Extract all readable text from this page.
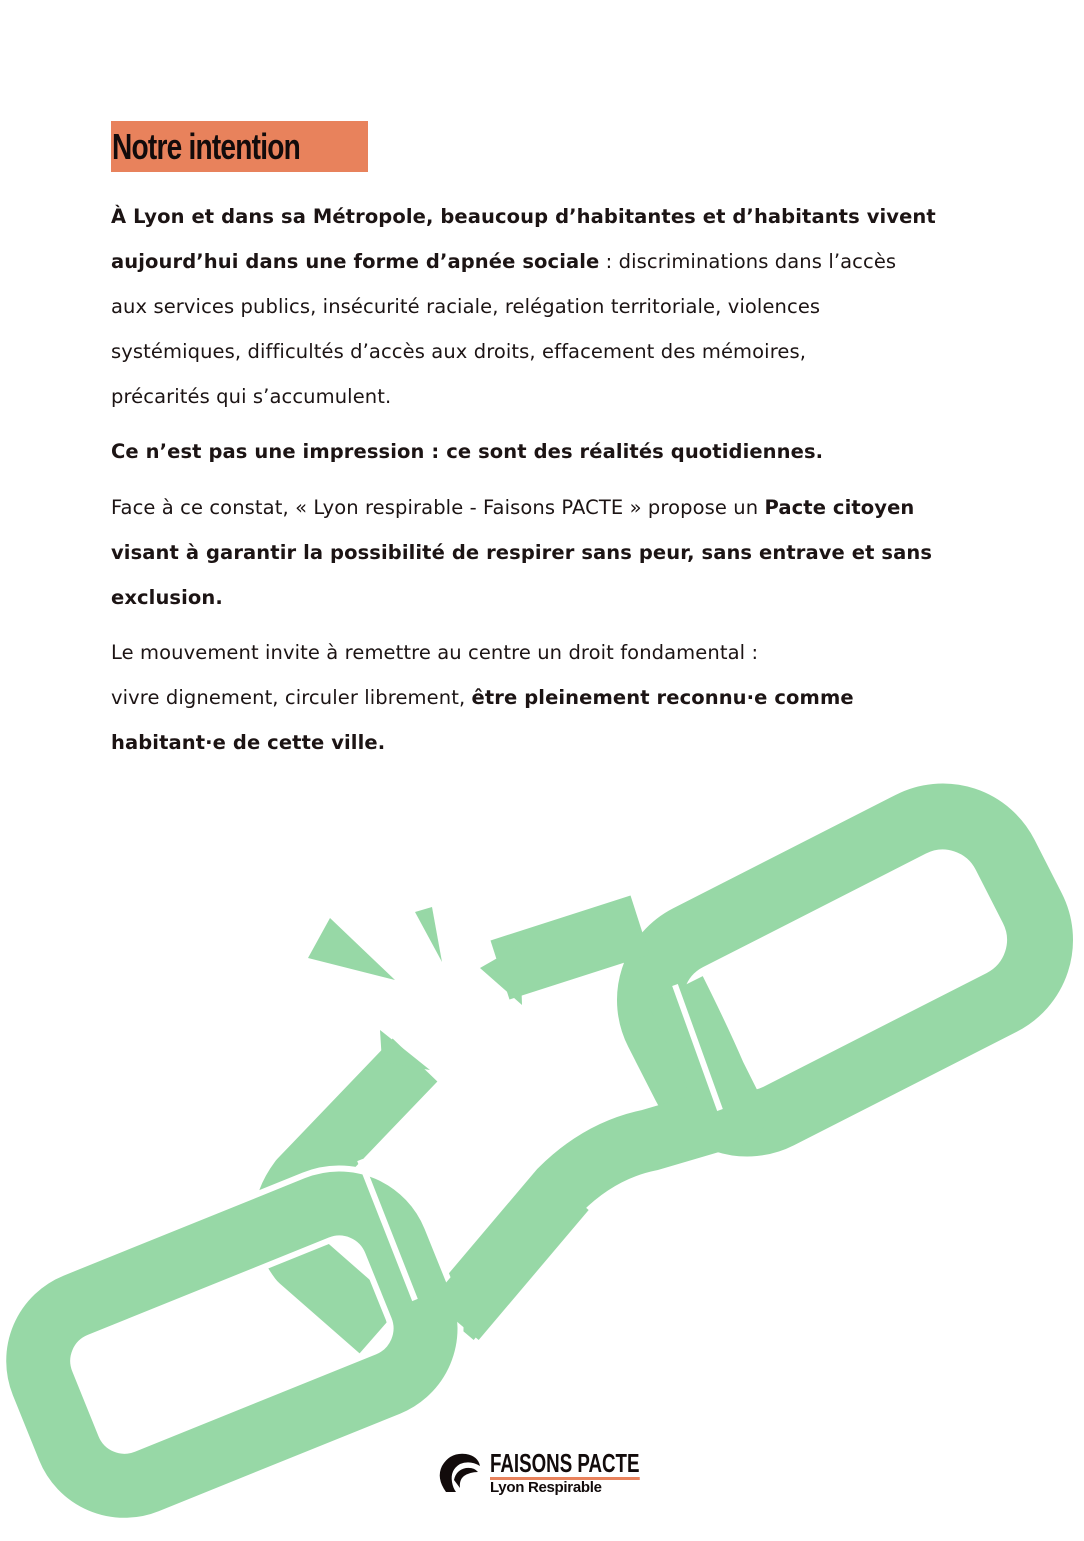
Notre intention

À Lyon et dans sa Métropole, beaucoup d’habitantes et d’habitants vivent
aujourd’hui dans une forme d’apnée sociale : discriminations dans l’accès
aux services publics, insécurité raciale, relégation territoriale, violences
systémiques, difficultés d’accès aux droits, effacement des mémoires,
précarités qui s’accumulent.

Ce n’est pas une impression : ce sont des réalités quotidiennes.

Face à ce constat, « Lyon respirable - Faisons PACTE » propose un Pacte citoyen
visant à garantir la possibilité de respirer sans peur, sans entrave et sans
exclusion.

Le mouvement invite à remettre au centre un droit fondamental :
vivre dignement, circuler librement, être pleinement reconnu·e comme
habitant·e de cette ville.

FAISONS PACTE
Lyon Respirable
